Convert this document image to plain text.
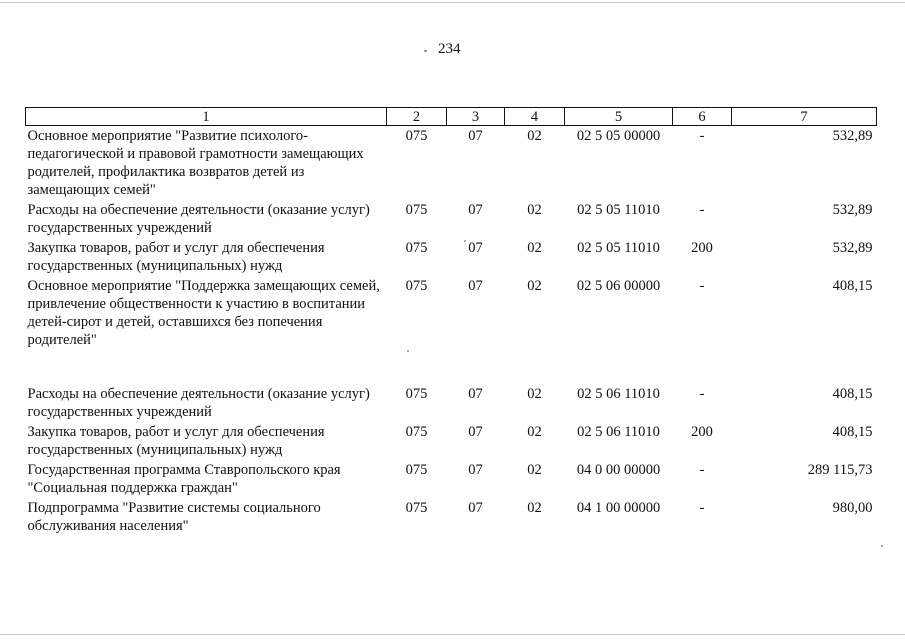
234
1	2	3	4	5	6	7
Основное мероприятие "Развитие психолого-педагогической и правовой грамотности замещающих родителей, профилактика возвратов детей из замещающих семей"	075	07	02	02 5 05 00000	-	532,89
Расходы на обеспечение деятельности (оказание услуг) государственных учреждений	075	07	02	02 5 05 11010	-	532,89
Закупка товаров, работ и услуг для обеспечения государственных (муниципальных) нужд	075	07	02	02 5 05 11010	200	532,89
Основное мероприятие "Поддержка замещающих семей, привлечение общественности к участию в воспитании детей-сирот и детей, оставшихся без попечения родителей"	075	07	02	02 5 06 00000	-	408,15
Расходы на обеспечение деятельности (оказание услуг) государственных учреждений	075	07	02	02 5 06 11010	-	408,15
Закупка товаров, работ и услуг для обеспечения государственных (муниципальных) нужд	075	07	02	02 5 06 11010	200	408,15
Государственная программа Ставропольского края "Социальная поддержка граждан"	075	07	02	04 0 00 00000	-	289 115,73
Подпрограмма "Развитие системы социального обслуживания населения"	075	07	02	04 1 00 00000	-	980,00
